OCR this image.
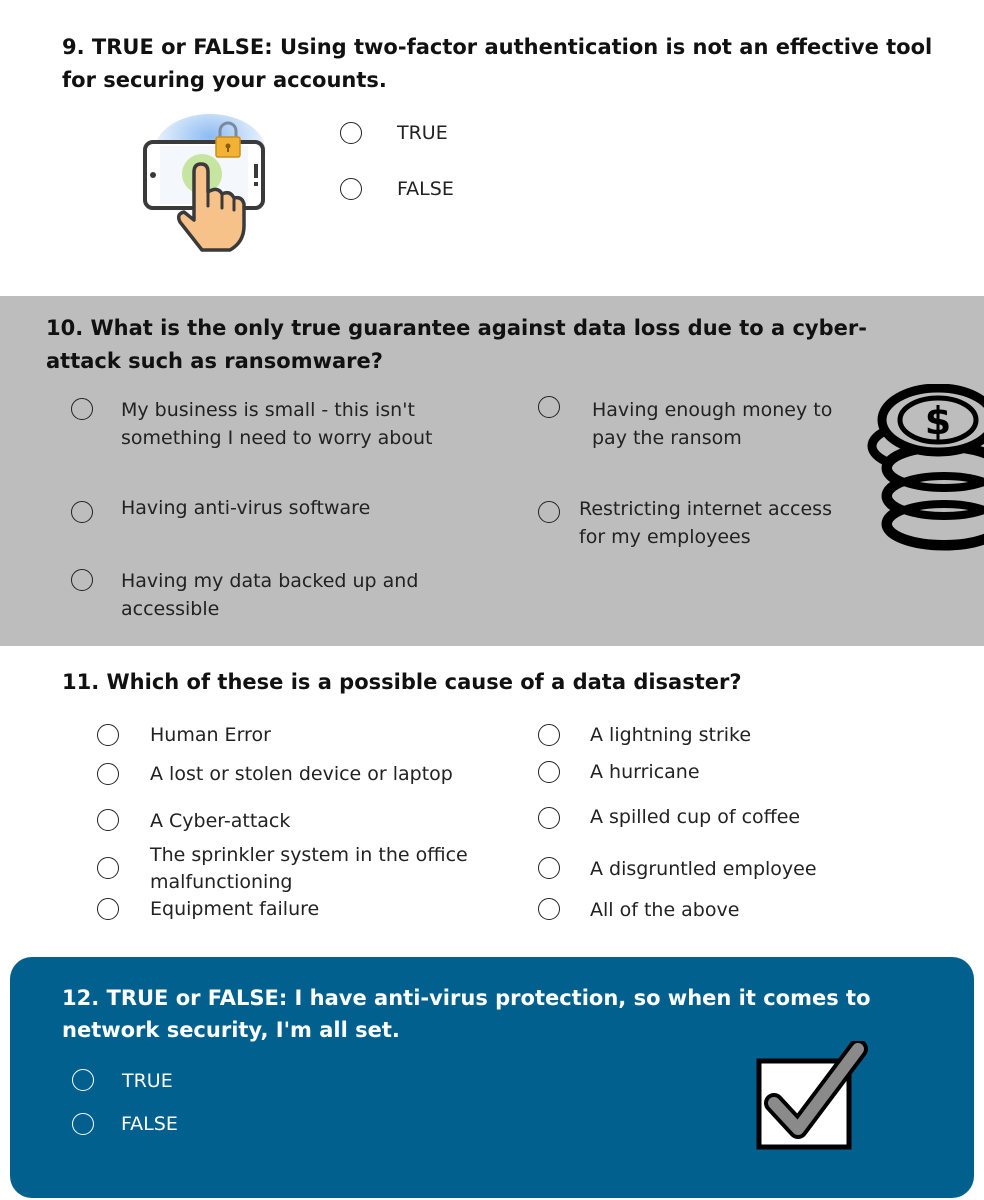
9. TRUE or FALSE: Using two-factor authentication is not an effective tool
for securing your accounts.
TRUE
FALSE
10. What is the only true guarantee against data loss due to a cyber-
attack such as ransomware?
My business is small - this isn't
something I need to worry about
Having enough money to
pay the ransom
Having anti-virus software	Restricting internet access
for my employees
Having my data backed up and
accessible
$
11. Which of these is a possible cause of a data disaster?
Human Error
A lost or stolen device or laptop
A Cyber-attack
The sprinkler system in the office
malfunctioning
Equipment failure
A lightning strike
A hurricane
A spilled cup of coffee
A disgruntled employee
All of the above
12. TRUE or FALSE: I have anti-virus protection, so when it comes to
network security, I'm all set.
TRUE
FALSE
